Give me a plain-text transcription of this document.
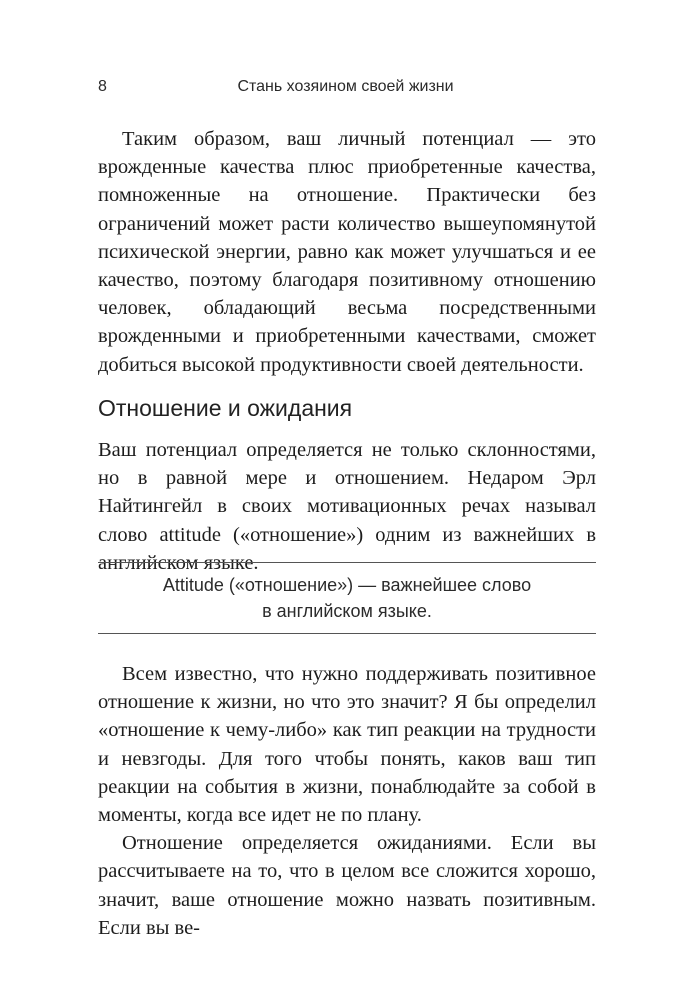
8	Стань хозяином своей жизни

Таким образом, ваш личный потенциал — это врожденные качества плюс приобретенные качества, помноженные на отношение. Практически без ограничений может расти количество вышеупомянутой психической энергии, равно как может улучшаться и ее качество, поэтому благодаря позитивному отношению человек, обладающий весьма посредственными врожденными и приобретенными качествами, сможет добиться высокой продуктивности своей деятельности.

Отношение и ожидания

Ваш потенциал определяется не только склонностями, но в равной мере и отношением. Недаром Эрл Найтингейл в своих мотивационных речах называл слово attitude («отношение») одним из важнейших в английском языке.

Attitude («отношение») — важнейшее слово
в английском языке.

Всем известно, что нужно поддерживать позитивное отношение к жизни, но что это значит? Я бы определил «отношение к чему-либо» как тип реакции на трудности и невзгоды. Для того чтобы понять, каков ваш тип реакции на события в жизни, понаблюдайте за собой в моменты, когда все идет не по плану.

Отношение определяется ожиданиями. Если вы рассчитываете на то, что в целом все сложится хорошо, значит, ваше отношение можно назвать позитивным. Если вы ве-
